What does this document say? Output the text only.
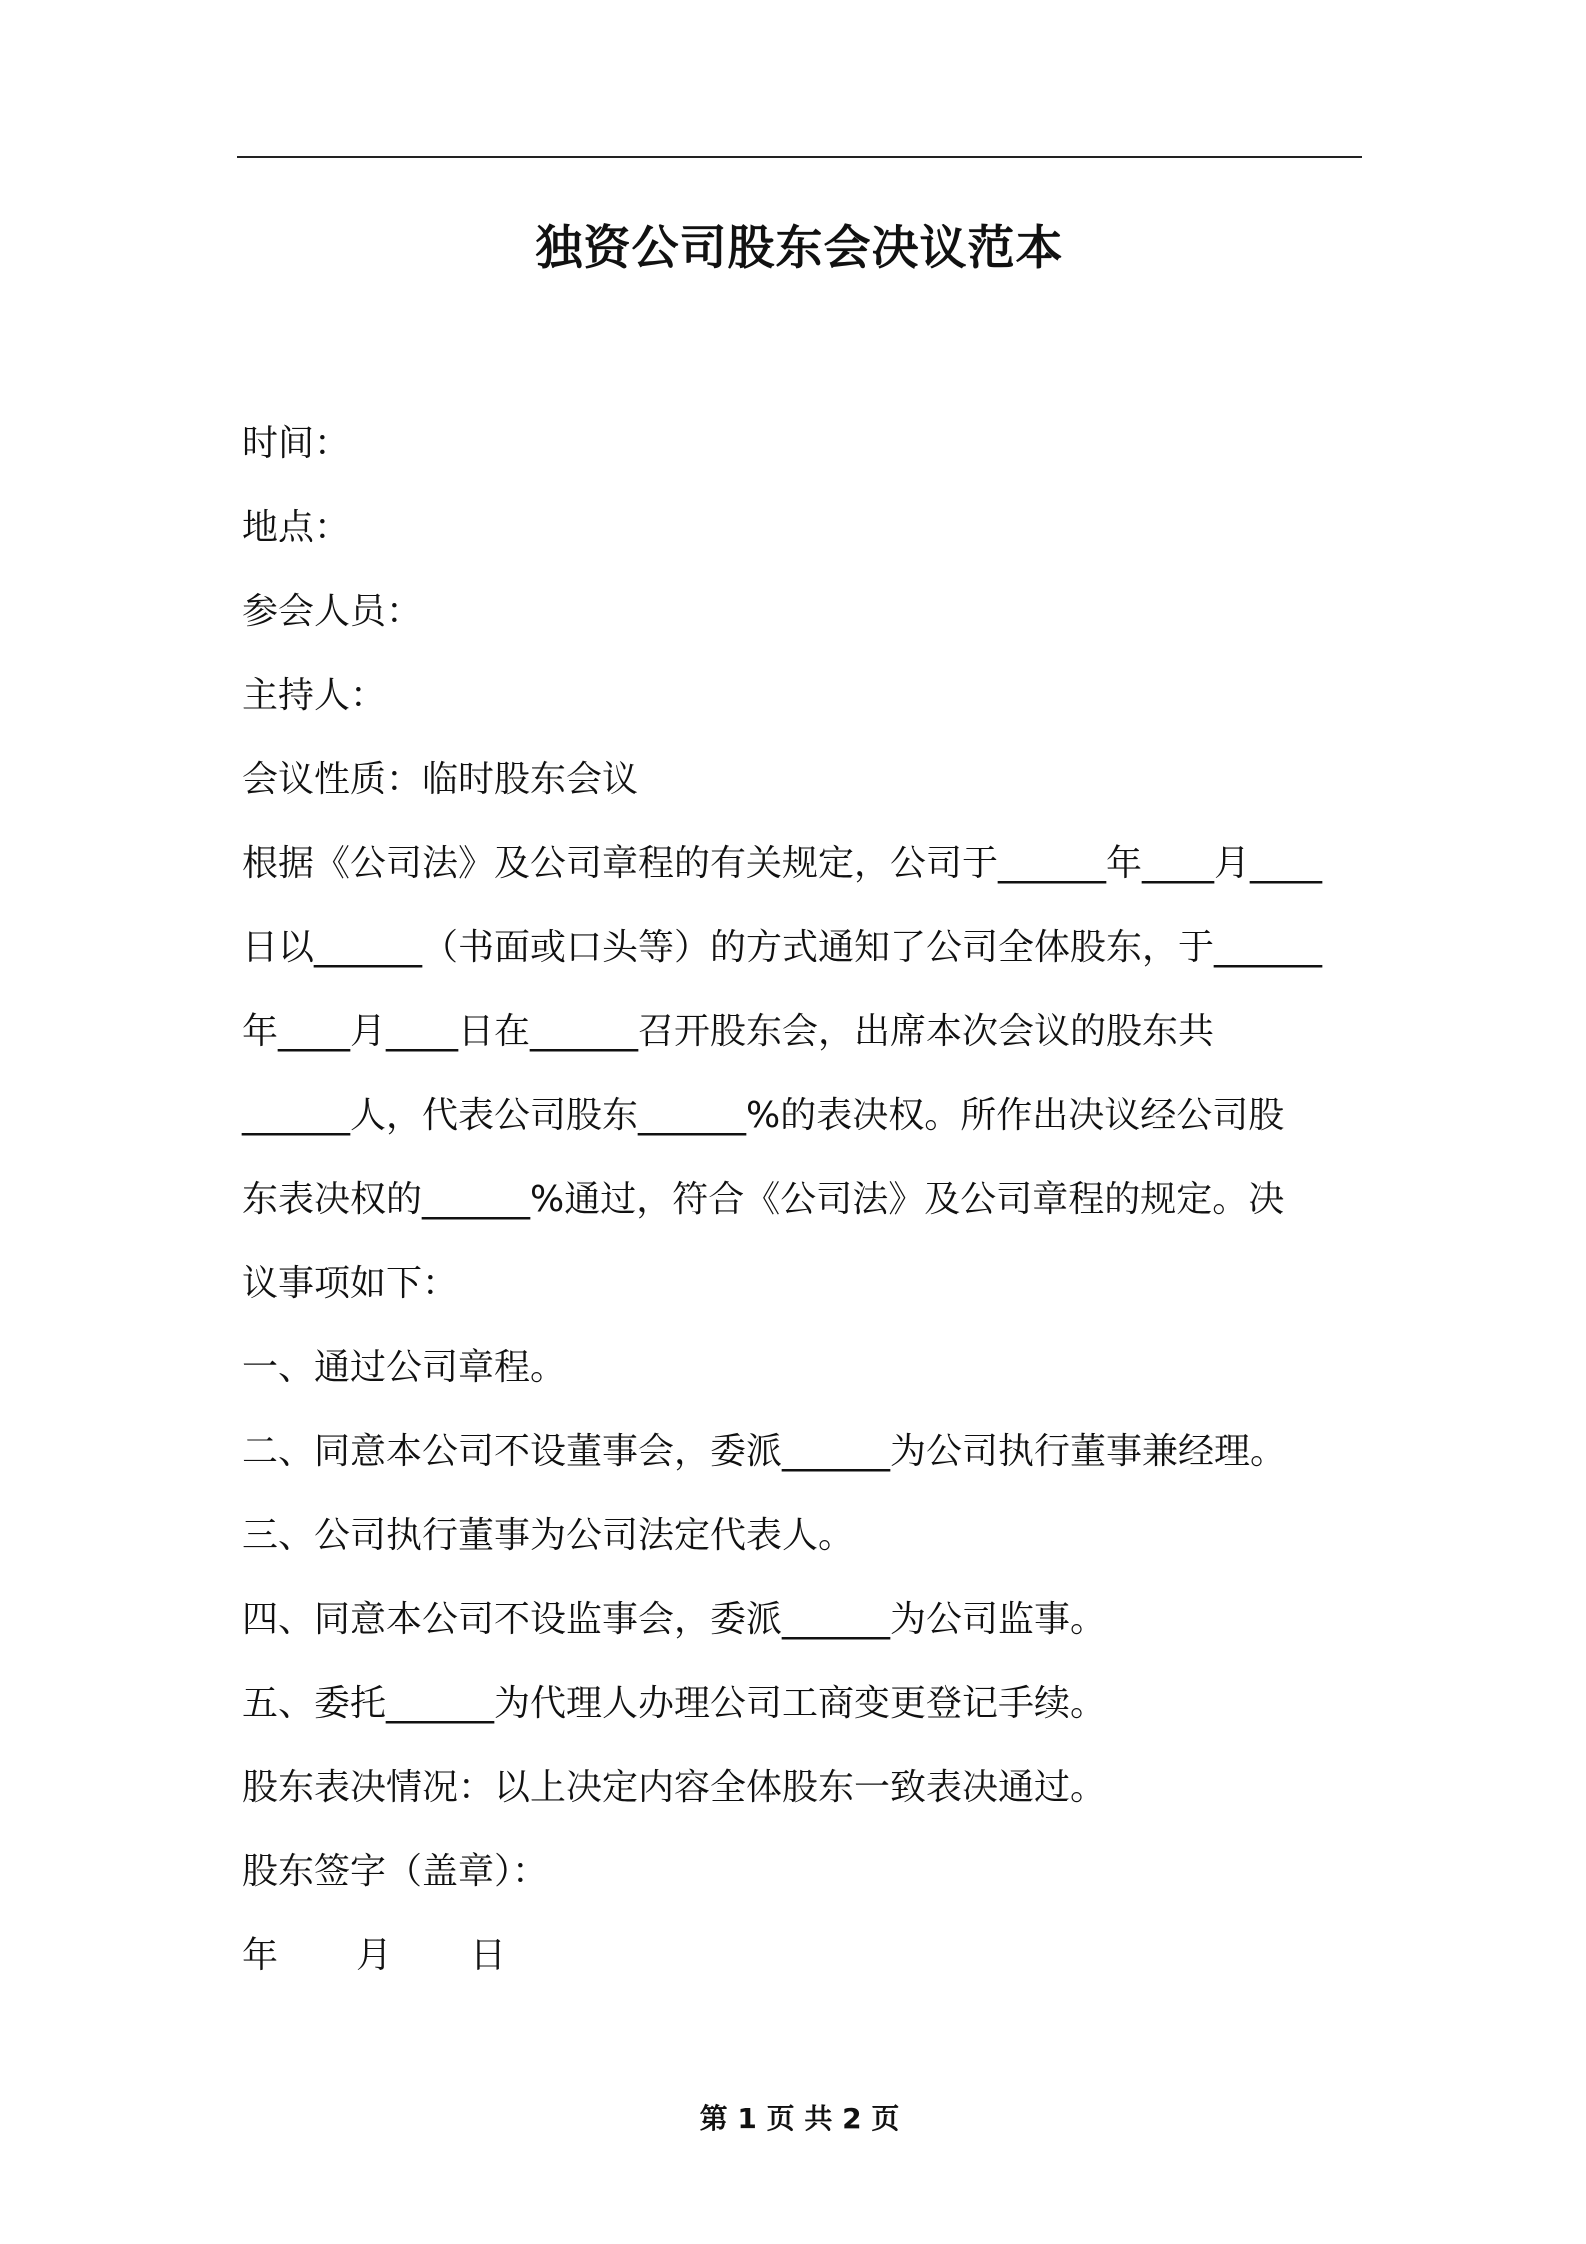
独资公司股东会决议范本
时间：
地点：
参会人员：
主持人：
会议性质：临时股东会议
根据《公司法》及公司章程的有关规定，公司于______年____月____
日以______（书面或口头等）的方式通知了公司全体股东，于______
年____月____日在______召开股东会，出席本次会议的股东共
______人，代表公司股东______%的表决权。所作出决议经公司股
东表决权的______%通过，符合《公司法》及公司章程的规定。决
议事项如下：
一、通过公司章程。
二、同意本公司不设董事会，委派______为公司执行董事兼经理。
三、公司执行董事为公司法定代表人。
四、同意本公司不设监事会，委派______为公司监事。
五、委托______为代理人办理公司工商变更登记手续。
股东表决情况：以上决定内容全体股东一致表决通过。
股东签字（盖章）：
年 月 日
第 1 页 共 2 页
